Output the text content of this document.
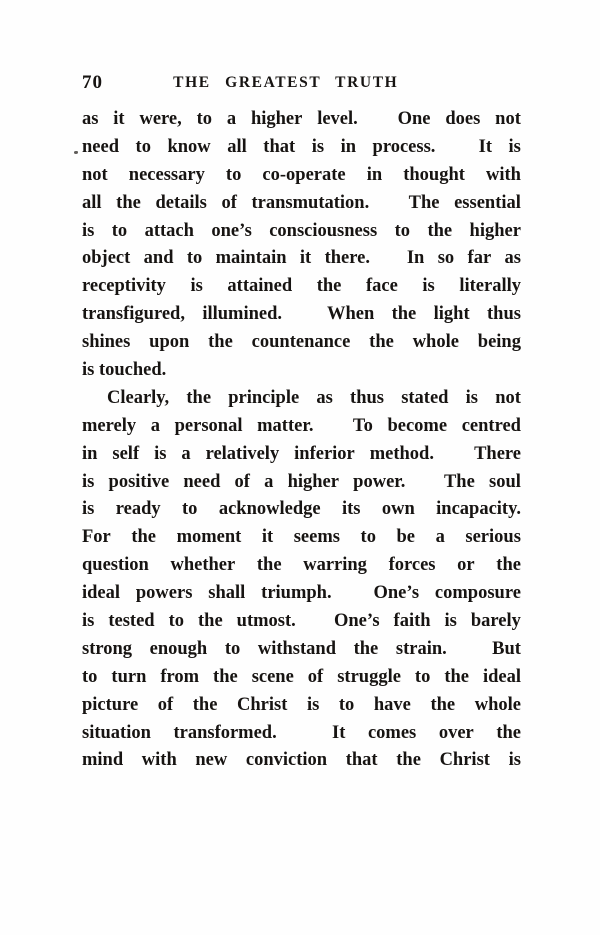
70	THE GREATEST TRUTH
as it were, to a higher level. One does not
need to know all that is in process. It is
not necessary to co-operate in thought with
all the details of transmutation. The essential
is to attach one’s consciousness to the higher
object and to maintain it there. In so far as
receptivity is attained the face is literally
transfigured, illumined. When the light thus
shines upon the countenance the whole being
is touched.
Clearly, the principle as thus stated is not
merely a personal matter. To become centred
in self is a relatively inferior method. There
is positive need of a higher power. The soul
is ready to acknowledge its own incapacity.
For the moment it seems to be a serious
question whether the warring forces or the
ideal powers shall triumph. One’s composure
is tested to the utmost. One’s faith is barely
strong enough to withstand the strain. But
to turn from the scene of struggle to the ideal
picture of the Christ is to have the whole
situation transformed.	It comes over the
mind with new conviction that the Christ is
